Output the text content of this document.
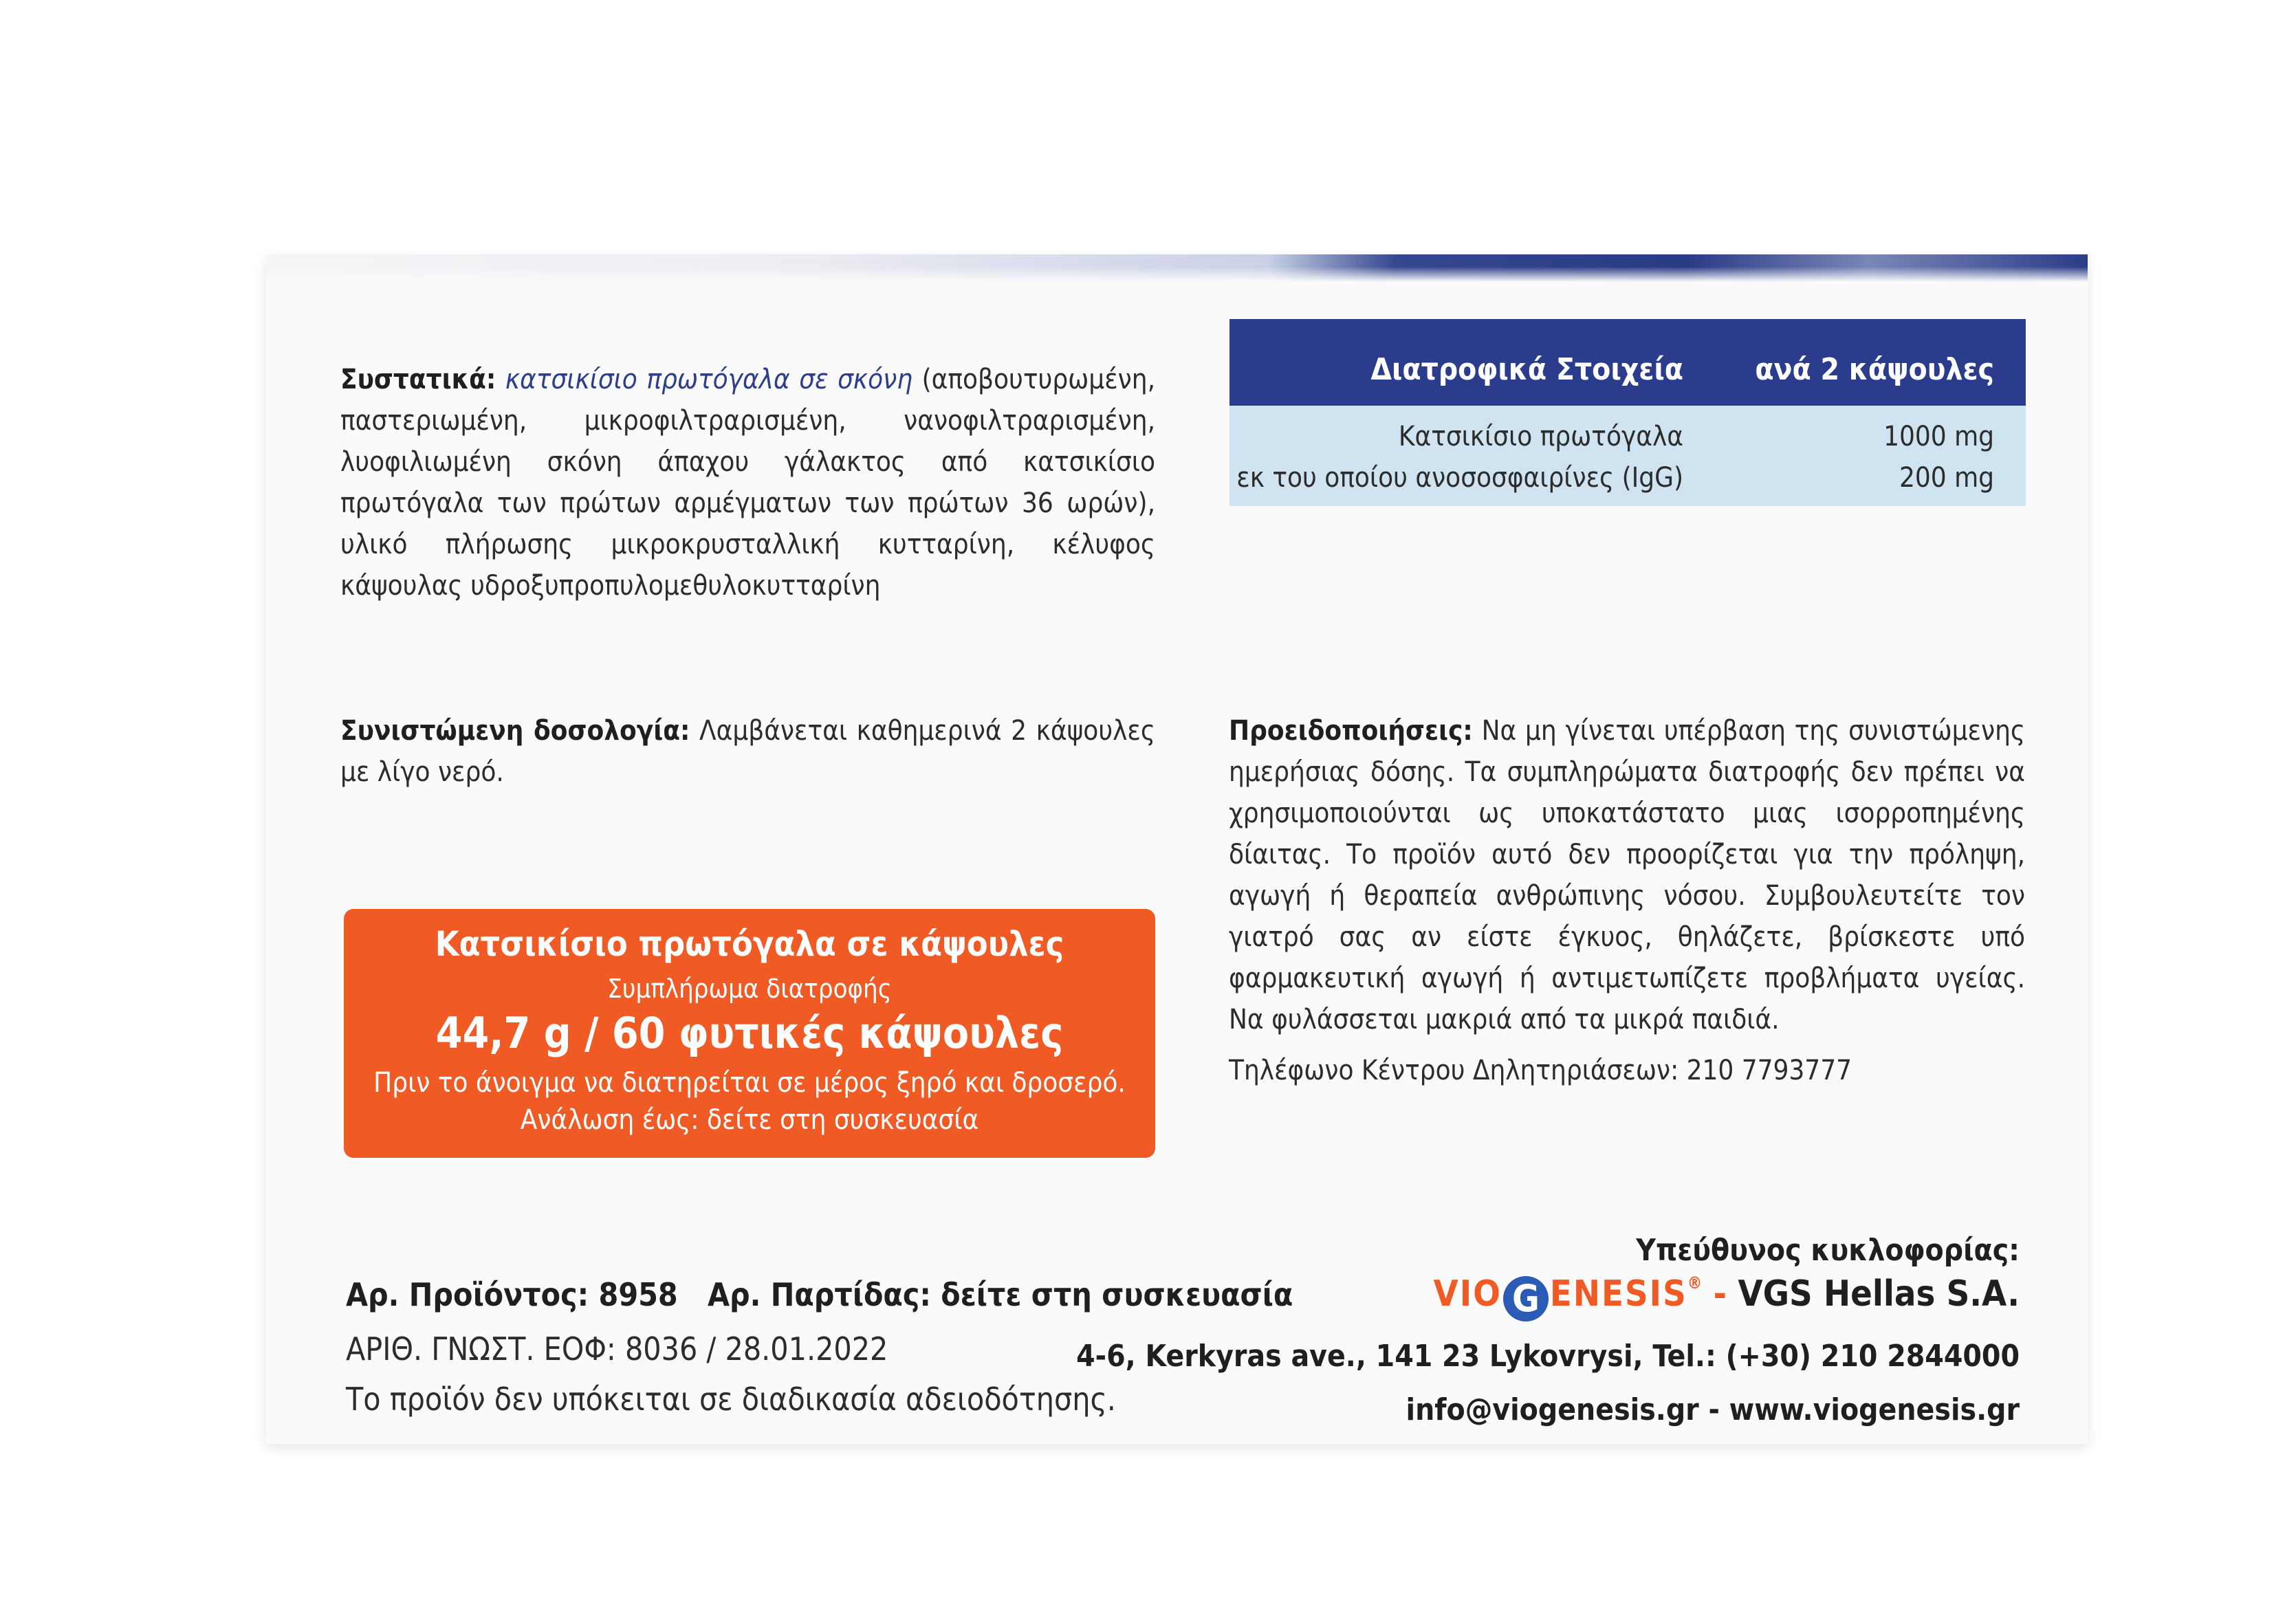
Συστατικά: κατσικίσιο πρωτόγαλα σε σκόνη (αποβουτυρωμένη, παστεριωμένη, μικροφιλτραρισμένη, νανοφιλτραρισμένη, λυοφιλιωμένη σκόνη άπαχου γάλακτος από κατσικίσιο πρωτόγαλα των πρώτων αρμέγματων των πρώτων 36 ωρών), υλικό πλήρωσης μικροκρυσταλλική κυτταρίνη, κέλυφος κάψουλας υδροξυπροπυλομεθυλοκυτταρίνη
Διατροφικά Στοιχεία ανά 2 κάψουλες
Κατσικίσιο πρωτόγαλα	1000 mg
εκ του οποίου ανοσοσφαιρίνες (IgG)	200 mg
Συνιστώμενη δοσολογία: Λαμβάνεται καθημερινά 2 κάψουλες με λίγο νερό.
Προειδοποιήσεις: Να μη γίνεται υπέρβαση της συνιστώμενης ημερήσιας δόσης. Τα συμπληρώματα διατροφής δεν πρέπει να χρησιμοποιούνται ως υποκατάστατο μιας ισορροπημένης δίαιτας. Το προϊόν αυτό δεν προορίζεται για την πρόληψη, αγωγή ή θεραπεία ανθρώπινης νόσου. Συμβουλευτείτε τον γιατρό σας αν είστε έγκυος, θηλάζετε, βρίσκεστε υπό φαρμακευτική αγωγή ή αντιμετωπίζετε προβλήματα υγείας. Να φυλάσσεται μακριά από τα μικρά παιδιά.
Τηλέφωνο Κέντρου Δηλητηριάσεων: 210 7793777
Κατσικίσιο πρωτόγαλα σε κάψουλες
Συμπλήρωμα διατροφής
44,7 g / 60 φυτικές κάψουλες
Πριν το άνοιγμα να διατηρείται σε μέρος ξηρό και δροσερό.
Ανάλωση έως: δείτε στη συσκευασία
Αρ. Προϊόντος: 8958 Αρ. Παρτίδας: δείτε στη συσκευασία
ΑΡΙΘ. ΓΝΩΣΤ. ΕΟΦ: 8036 / 28.01.2022
Το προϊόν δεν υπόκειται σε διαδικασία αδειοδότησης.
Υπεύθυνος κυκλοφορίας:
VIO G ENESIS® - VGS Hellas S.A.
4-6, Kerkyras ave., 141 23 Lykovrysi, Tel.: (+30) 210 2844000
info@viogenesis.gr - www.viogenesis.gr
